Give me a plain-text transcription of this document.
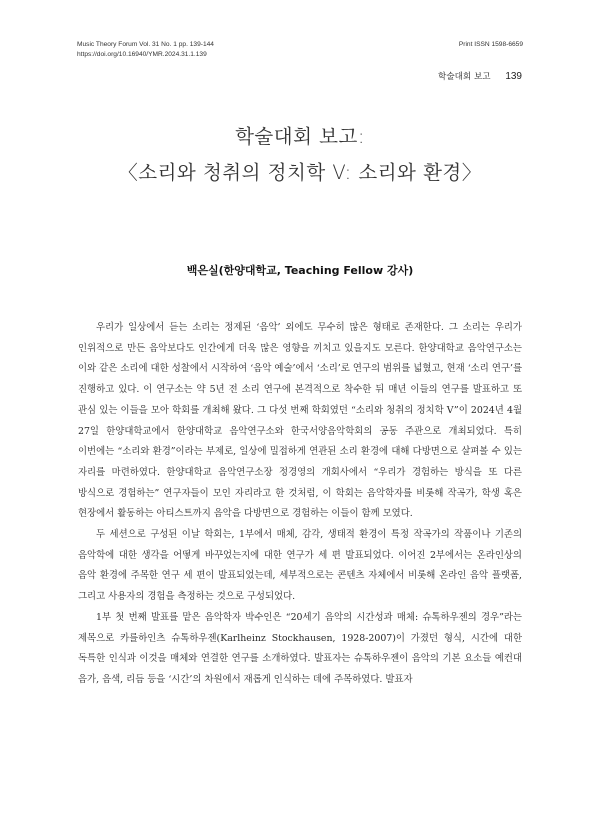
Music Theory Forum Vol. 31 No. 1 pp. 139-144
https://doi.org/10.16940/YMR.2024.31.1.139
Print ISSN 1598-6659
학술대회 보고 139
학술대회 보고:
〈소리와 청취의 정치학 V: 소리와 환경〉
백은실(한양대학교, Teaching Fellow 강사)

우리가 일상에서 듣는 소리는 정제된 ‘음악’ 외에도 무수히 많은 형태로 존재한다. 그 소리는 우리가 인위적으로 만든 음악보다도 인간에게 더욱 많은 영향을 끼치고 있을지도 모른다. 한양대학교 음악연구소는 이와 같은 소리에 대한 성찰에서 시작하여 ‘음악 예술’에서 ‘소리’로 연구의 범위를 넓혔고, 현재 ‘소리 연구’를 진행하고 있다. 이 연구소는 약 5년 전 소리 연구에 본격적으로 착수한 뒤 매년 이들의 연구를 발표하고 또 관심 있는 이들을 모아 학회를 개최해 왔다. 그 다섯 번째 학회였던 “소리와 청취의 정치학 V”이 2024년 4월 27일 한양대학교에서 한양대학교 음악연구소와 한국서양음악학회의 공동 주관으로 개최되었다. 특히 이번에는 “소리와 환경”이라는 부제로, 일상에 밀접하게 연관된 소리 환경에 대해 다방면으로 살펴볼 수 있는 자리를 마련하였다. 한양대학교 음악연구소장 정경영의 개회사에서 “우리가 경험하는 방식을 또 다른 방식으로 경험하는” 연구자들이 모인 자리라고 한 것처럼, 이 학회는 음악학자를 비롯해 작곡가, 학생 혹은 현장에서 활동하는 아티스트까지 음악을 다방면으로 경험하는 이들이 함께 모였다.

두 세션으로 구성된 이날 학회는, 1부에서 매체, 감각, 생태적 환경이 특정 작곡가의 작품이나 기존의 음악학에 대한 생각을 어떻게 바꾸었는지에 대한 연구가 세 편 발표되었다. 이어진 2부에서는 온라인상의 음악 환경에 주목한 연구 세 편이 발표되었는데, 세부적으로는 콘텐츠 자체에서 비롯해 온라인 음악 플랫폼, 그리고 사용자의 경험을 측정하는 것으로 구성되었다.

1부 첫 번째 발표를 맡은 음악학자 박수인은 “20세기 음악의 시간성과 매체: 슈톡하우젠의 경우”라는 제목으로 카를하인츠 슈톡하우젠(Karlheinz Stockhausen, 1928-2007)이 가졌던 형식, 시간에 대한 독특한 인식과 이것을 매체와 연결한 연구를 소개하였다. 발표자는 슈톡하우젠이 음악의 기본 요소들 예컨대 음가, 음색, 리듬 등을 ‘시간’의 차원에서 재롭게 인식하는 데에 주목하였다. 발표자
